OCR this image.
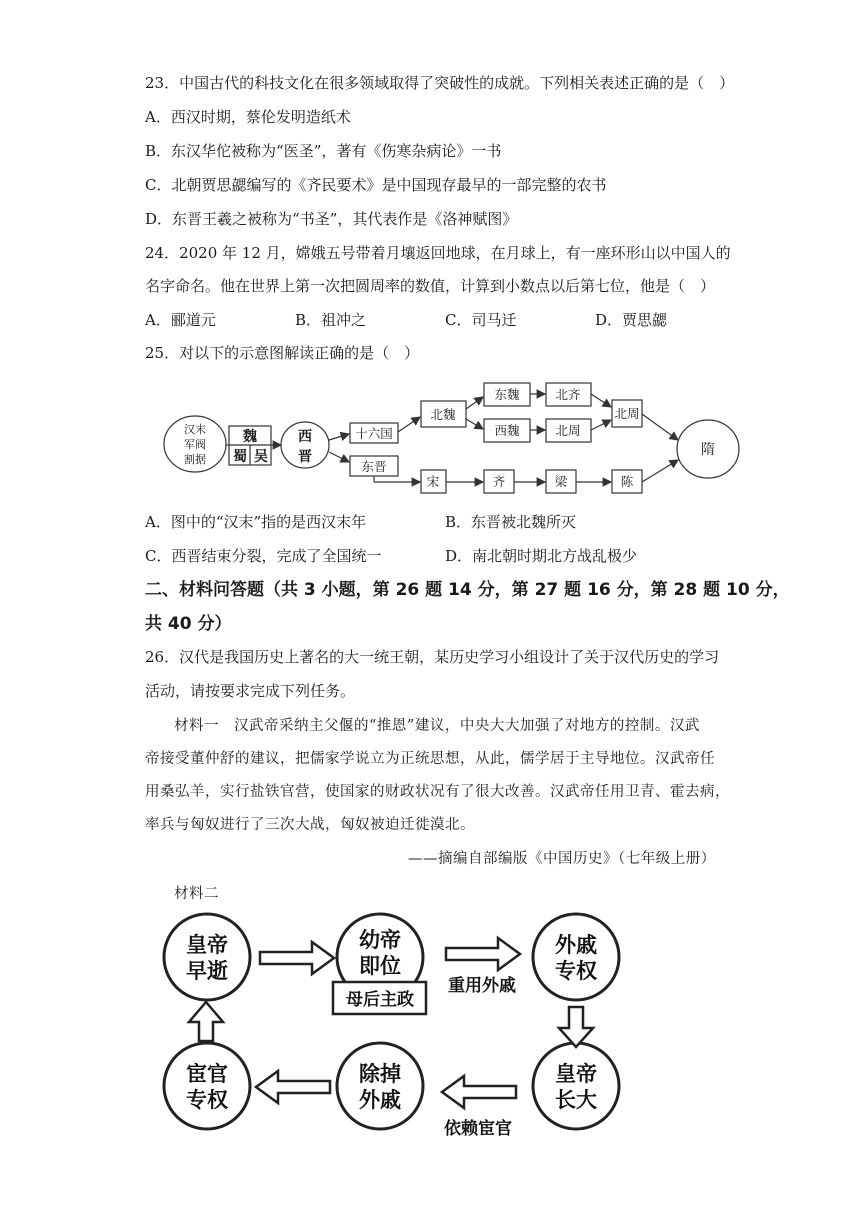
23．中国古代的科技文化在很多领域取得了突破性的成就。下列相关表述正确的是（　）
A．西汉时期，蔡伦发明造纸术
B．东汉华佗被称为“医圣”，著有《伤寒杂病论》一书
C．北朝贾思勰编写的《齐民要术》是中国现存最早的一部完整的农书
D．东晋王羲之被称为“书圣”，其代表作是《洛神赋图》
24．2020 年 12 月，嫦娥五号带着月壤返回地球，在月球上，有一座环形山以中国人的
名字命名。他在世界上第一次把圆周率的数值，计算到小数点以后第七位，他是（　）
A．郦道元	B．祖冲之	C．司马迁	D．贾思勰
25．对以下的示意图解读正确的是（　）
汉末
军阀
割据
魏
蜀 吴
西
晋
十六国
东晋
北魏
东魏	北齐
西魏	北周
北周
宋	齐	梁	陈
隋
A．图中的“汉末”指的是西汉末年	B．东晋被北魏所灭
C．西晋结束分裂，完成了全国统一	D．南北朝时期北方战乱极少
二、材料问答题（共 3 小题，第 26 题 14 分，第 27 题 16 分，第 28 题 10 分，
共 40 分）
26．汉代是我国历史上著名的大一统王朝，某历史学习小组设计了关于汉代历史的学习
活动，请按要求完成下列任务。
材料一　汉武帝采纳主父偃的“推恩”建议，中央大大加强了对地方的控制。汉武
帝接受董仲舒的建议，把儒家学说立为正统思想，从此，儒学居于主导地位。汉武帝任
用桑弘羊，实行盐铁官营，使国家的财政状况有了很大改善。汉武帝任用卫青、霍去病，
率兵与匈奴进行了三次大战，匈奴被迫迁徙漠北。
——摘编自部编版《中国历史》（七年级上册）
材料二
皇帝
早逝
幼帝
即位
外戚
专权
皇帝
长大
除掉
外戚
宦官
专权
母后主政
重用外戚
依赖宦官
